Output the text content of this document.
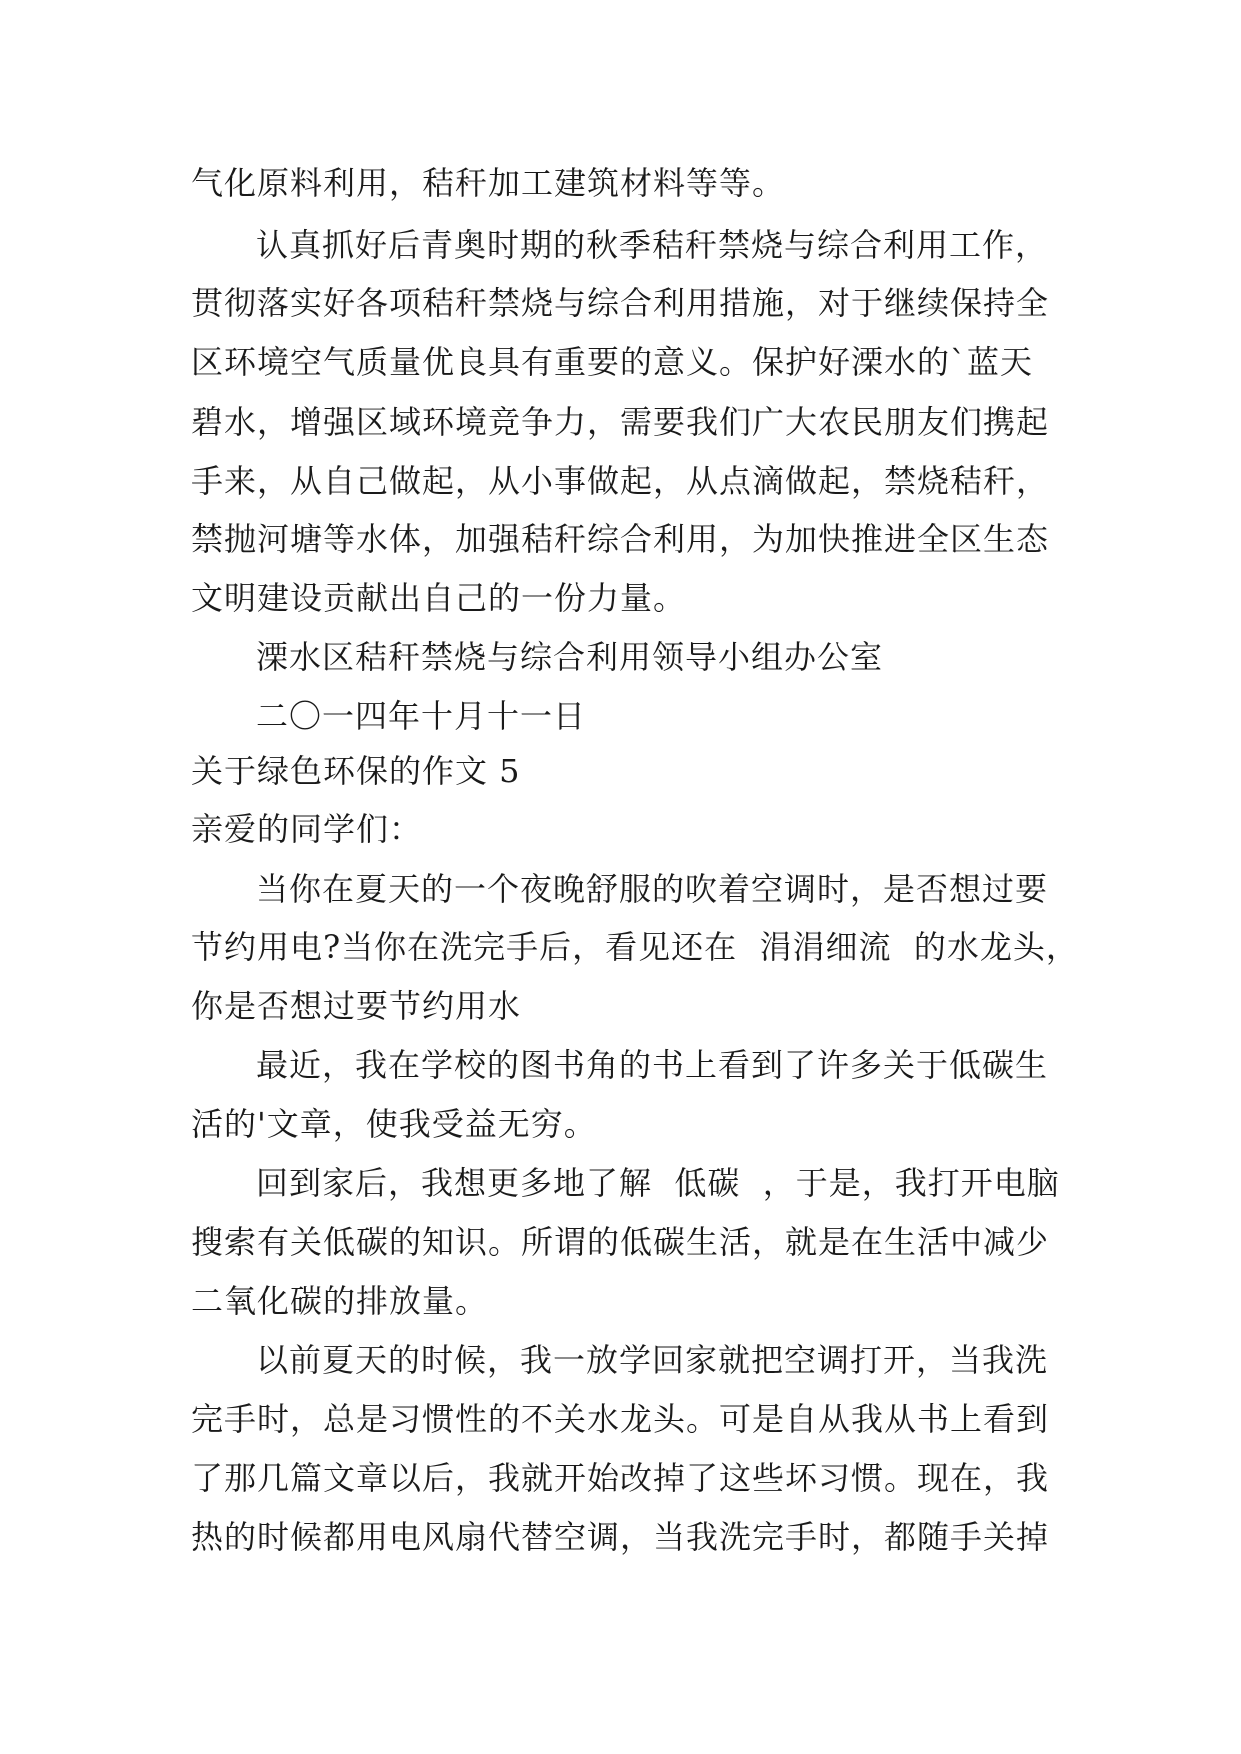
气化原料利用，秸秆加工建筑材料等等。
认真抓好后青奥时期的秋季秸秆禁烧与综合利用工作，
贯彻落实好各项秸秆禁烧与综合利用措施，对于继续保持全
区环境空气质量优良具有重要的意义。保护好溧水的`蓝天
碧水，增强区域环境竞争力，需要我们广大农民朋友们携起
手来，从自己做起，从小事做起，从点滴做起，禁烧秸秆，
禁抛河塘等水体，加强秸秆综合利用，为加快推进全区生态
文明建设贡献出自己的一份力量。
溧水区秸秆禁烧与综合利用领导小组办公室
二〇一四年十月十一日
关于绿色环保的作文 5
亲爱的同学们：
当你在夏天的一个夜晚舒服的吹着空调时，是否想过要
节约用电?当你在洗完手后，看见还在  涓涓细流  的水龙头，
你是否想过要节约用水
最近，我在学校的图书角的书上看到了许多关于低碳生
活的'文章，使我受益无穷。
回到家后，我想更多地了解  低碳  ，于是，我打开电脑
搜索有关低碳的知识。所谓的低碳生活，就是在生活中减少
二氧化碳的排放量。
以前夏天的时候，我一放学回家就把空调打开，当我洗
完手时，总是习惯性的不关水龙头。可是自从我从书上看到
了那几篇文章以后，我就开始改掉了这些坏习惯。现在，我
热的时候都用电风扇代替空调，当我洗完手时，都随手关掉
